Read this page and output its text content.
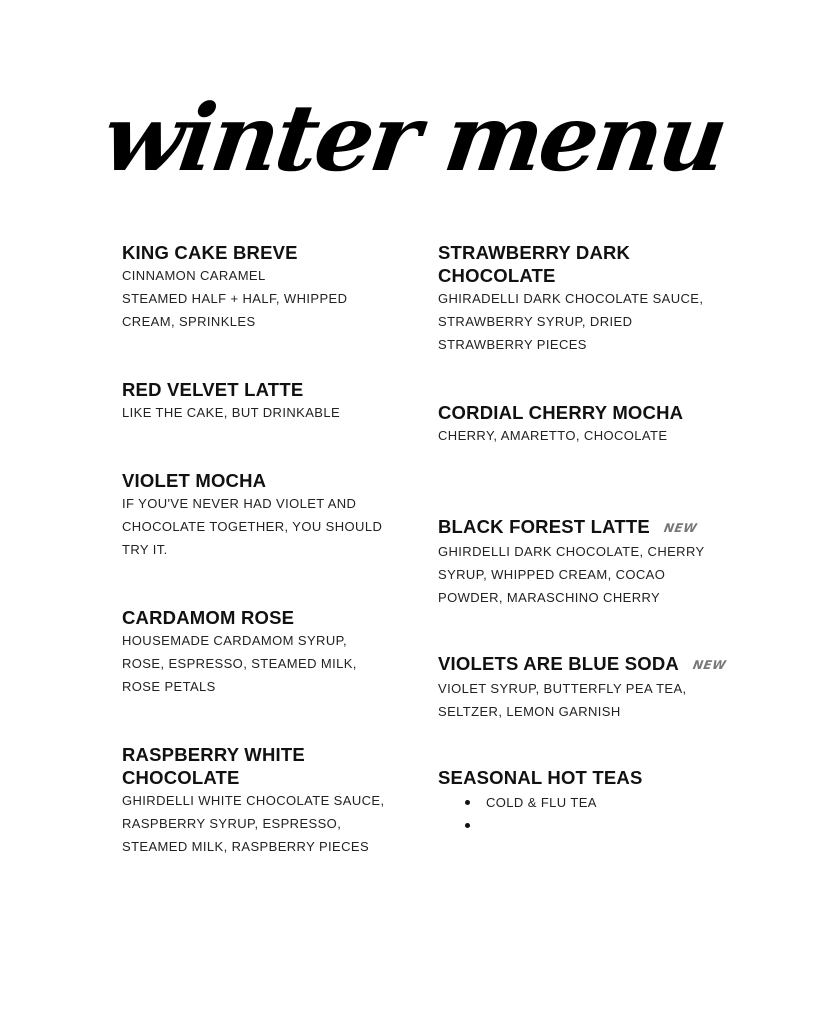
winter menu
KING CAKE BREVE
CINNAMON CARAMEL
STEAMED HALF + HALF, WHIPPED CREAM, SPRINKLES
RED VELVET LATTE
LIKE THE CAKE, BUT DRINKABLE
VIOLET MOCHA
IF YOU'VE NEVER HAD VIOLET AND CHOCOLATE TOGETHER, YOU SHOULD TRY IT.
CARDAMOM ROSE
HOUSEMADE CARDAMOM SYRUP, ROSE, ESPRESSO, STEAMED MILK, ROSE PETALS
RASPBERRY WHITE CHOCOLATE
GHIRDELLI WHITE CHOCOLATE SAUCE, RASPBERRY SYRUP, ESPRESSO, STEAMED MILK, RASPBERRY PIECES
STRAWBERRY DARK CHOCOLATE
GHIRADELLI DARK CHOCOLATE SAUCE, STRAWBERRY SYRUP, DRIED STRAWBERRY PIECES
CORDIAL CHERRY MOCHA
CHERRY, AMARETTO, CHOCOLATE
BLACK FOREST LATTE NEW
GHIRDELLI DARK CHOCOLATE, CHERRY SYRUP, WHIPPED CREAM, COCAO POWDER, MARASCHINO CHERRY
VIOLETS ARE BLUE SODA NEW
VIOLET SYRUP, BUTTERFLY PEA TEA, SELTZER, LEMON GARNISH
SEASONAL HOT TEAS
COLD & FLU TEA
